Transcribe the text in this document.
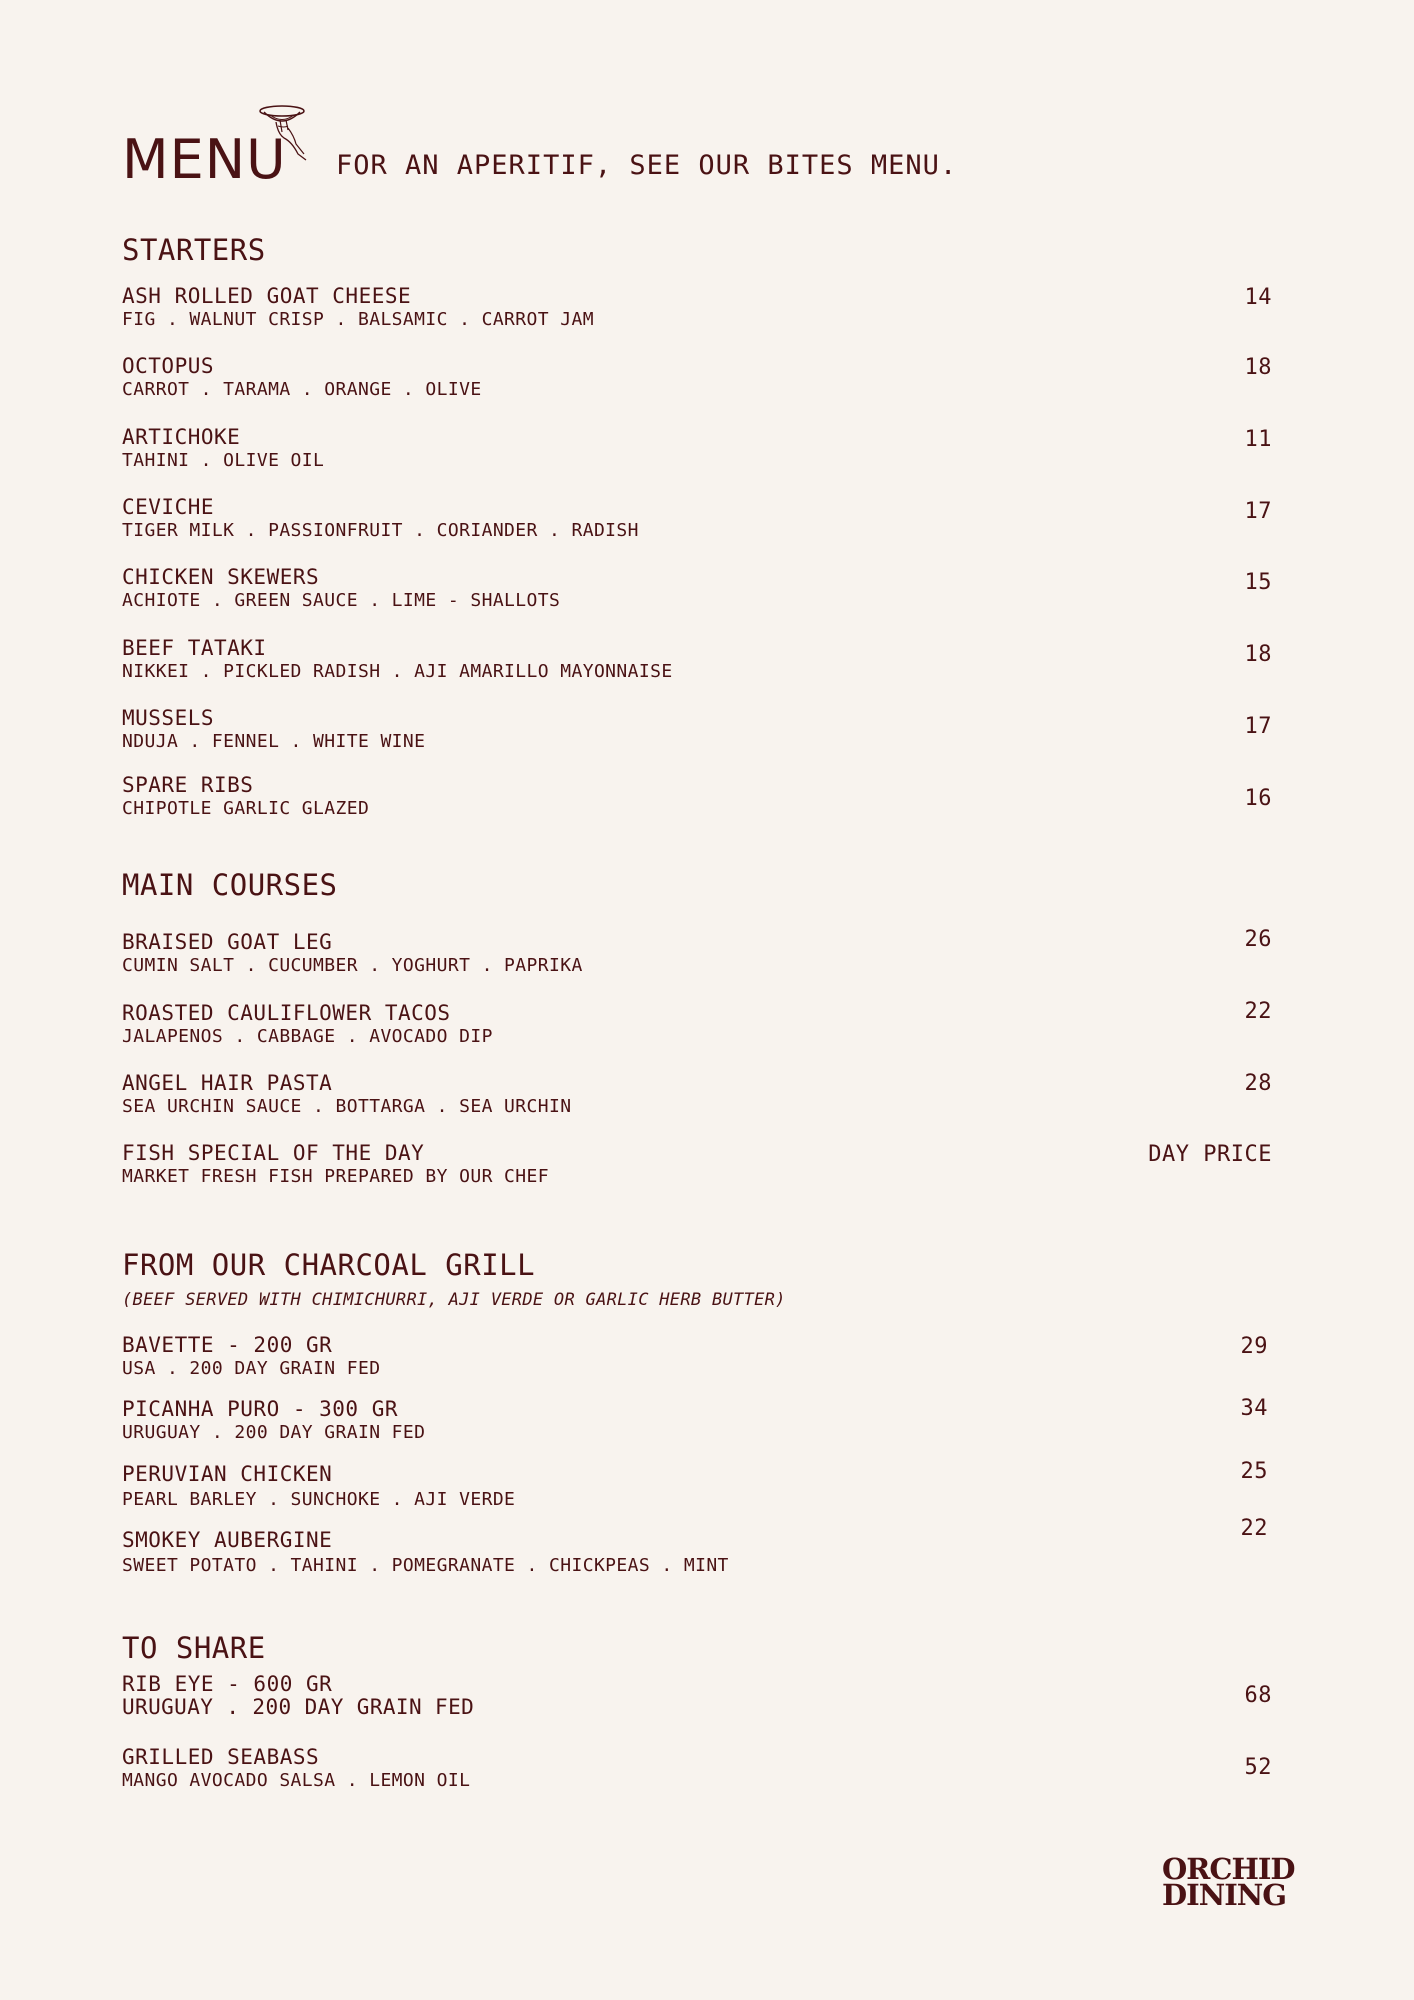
MENU FOR AN APERITIF, SEE OUR BITES MENU.
STARTERS
ASH ROLLED GOAT CHEESE
FIG . WALNUT CRISP . BALSAMIC . CARROT JAM
14
OCTOPUS
CARROT . TARAMA . ORANGE . OLIVE
18
ARTICHOKE
TAHINI . OLIVE OIL
11
CEVICHE
TIGER MILK . PASSIONFRUIT . CORIANDER . RADISH
17
CHICKEN SKEWERS
ACHIOTE . GREEN SAUCE . LIME - SHALLOTS
15
BEEF TATAKI
NIKKEI . PICKLED RADISH . AJI AMARILLO MAYONNAISE
18
MUSSELS
NDUJA . FENNEL . WHITE WINE
17
SPARE RIBS
CHIPOTLE GARLIC GLAZED	16
MAIN COURSES
BRAISED GOAT LEG
CUMIN SALT . CUCUMBER . YOGHURT . PAPRIKA
26
ROASTED CAULIFLOWER TACOS
JALAPENOS . CABBAGE . AVOCADO DIP
22
ANGEL HAIR PASTA
SEA URCHIN SAUCE . BOTTARGA . SEA URCHIN
28
FISH SPECIAL OF THE DAY
MARKET FRESH FISH PREPARED BY OUR CHEF
DAY PRICE
FROM OUR CHARCOAL GRILL
(BEEF SERVED WITH CHIMICHURRI, AJI VERDE OR GARLIC HERB BUTTER)
BAVETTE - 200 GR
USA . 200 DAY GRAIN FED
29
PICANHA PURO - 300 GR
URUGUAY . 200 DAY GRAIN FED
34
PERUVIAN CHICKEN
PEARL BARLEY . SUNCHOKE . AJI VERDE
25
SMOKEY AUBERGINE
SWEET POTATO . TAHINI . POMEGRANATE . CHICKPEAS . MINT
22
TO SHARE
RIB EYE - 600 GR
URUGUAY . 200 DAY GRAIN FED	68
GRILLED SEABASS
MANGO AVOCADO SALSA . LEMON OIL
52
ORCHID
DINING
